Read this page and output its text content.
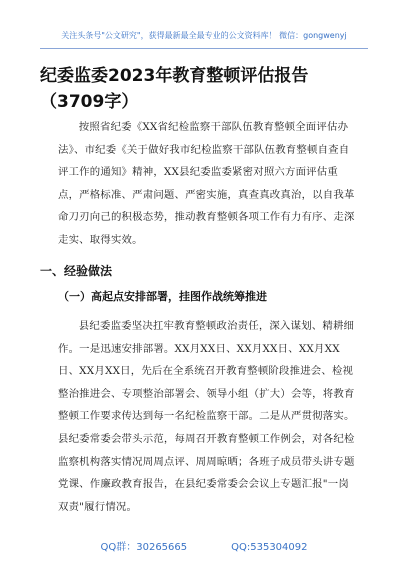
关注头条号"公文研究"，获得最新最全最专业的公文资料库！ 微信：gongwenyj
纪委监委2023年教育整顿评估报告（3709字）
按照省纪委《XX省纪检监察干部队伍教育整顿全面评估办法》、市纪委《关于做好我市纪检监察干部队伍教育整顿自查自评工作的通知》精神，XX县纪委监委紧密对照六方面评估重点，严格标准、严肃问题、严密实施，真查真改真治，以自我革命刀刃向己的积极态势，推动教育整顿各项工作有力有序、走深走实、取得实效。
一、经验做法
（一）高起点安排部署，挂图作战统筹推进
县纪委监委坚决扛牢教育整顿政治责任，深入谋划、精耕细作。一是迅速安排部署。XX月XX日、XX月XX日、XX月XX日、XX月XX日，先后在全系统召开教育整顿阶段推进会、检视整治推进会、专项整治部署会、领导小组（扩大）会等，将教育整顿工作要求传达到每一名纪检监察干部。二是从严贯彻落实。县纪委常委会带头示范，每周召开教育整顿工作例会，对各纪检监察机构落实情况周周点评、周周晾晒；各班子成员带头讲专题党课、作廉政教育报告，在县纪委常委会会议上专题汇报"一岗双责"履行情况。
QQ群：30265665	QQ:535304092
